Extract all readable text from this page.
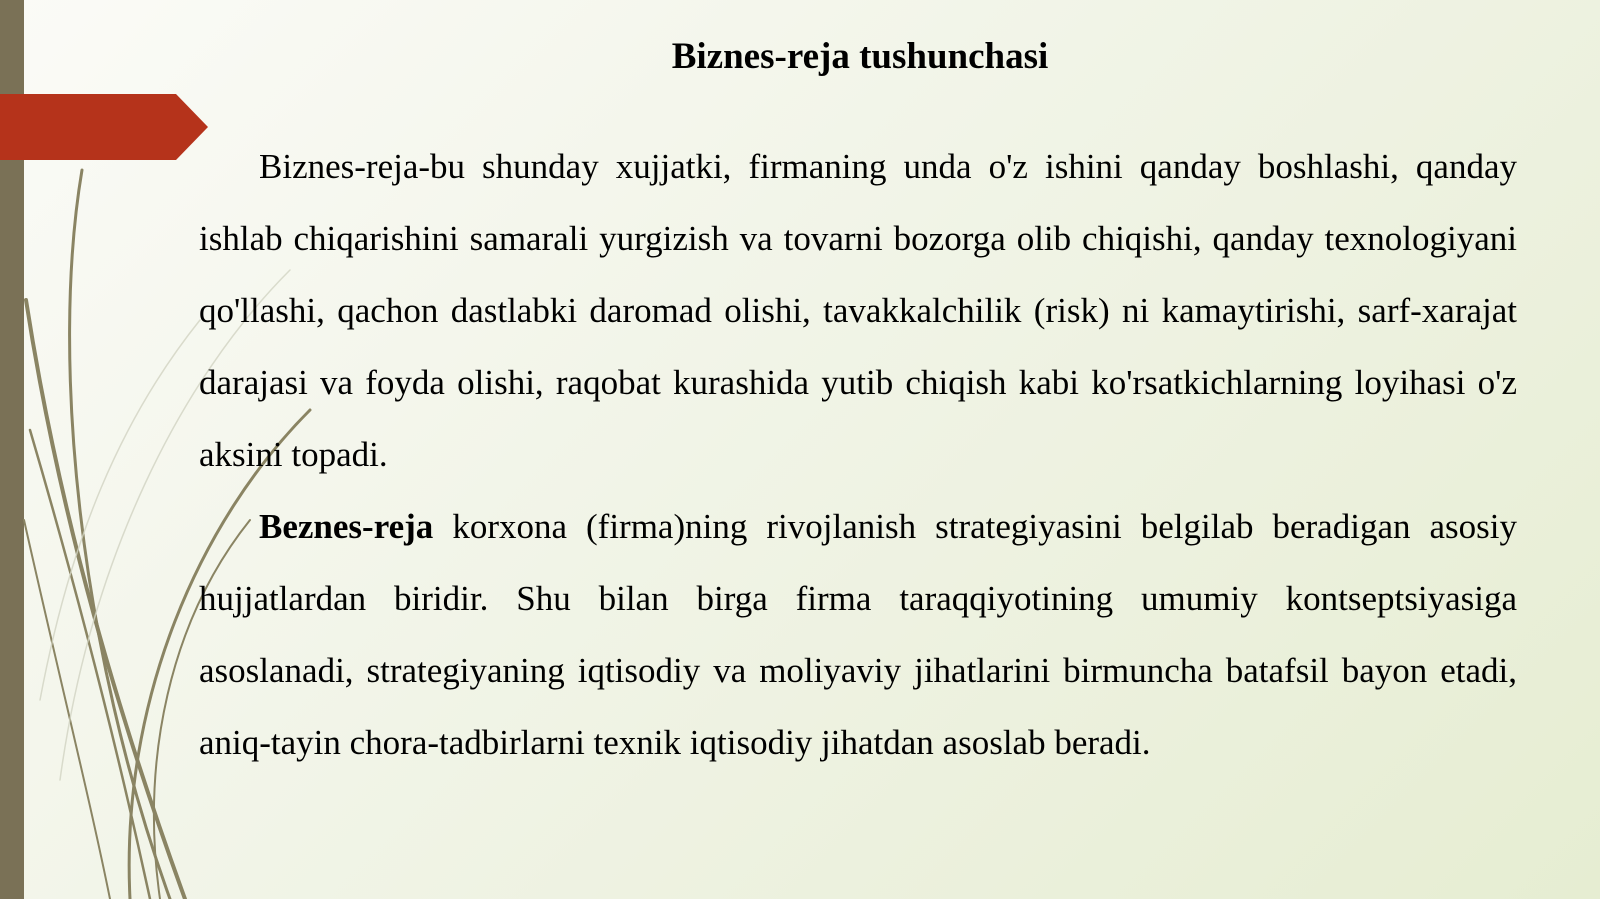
Biznes-reja tushunchasi

Biznes-reja-bu shunday xujjatki, firmaning unda o'z ishini qanday boshlashi, qanday ishlab chiqarishini samarali yurgizish va tovarni bozorga olib chiqishi, qanday texnologiyani qo'llashi, qachon dastlabki daromad olishi, tavakkalchilik (risk) ni kamaytirishi, sarf-xarajat darajasi va foyda olishi, raqobat kurashida yutib chiqish kabi ko'rsatkichlarning loyihasi o'z aksini topadi.

Beznes-reja korxona (firma)ning rivojlanish strategiyasini belgilab beradigan asosiy hujjatlardan biridir. Shu bilan birga firma taraqqiyotining umumiy kontseptsiyasiga asoslanadi, strategiyaning iqtisodiy va moliyaviy jihatlarini birmuncha batafsil bayon etadi, aniq-tayin chora-tadbirlarni texnik iqtisodiy jihatdan asoslab beradi.
